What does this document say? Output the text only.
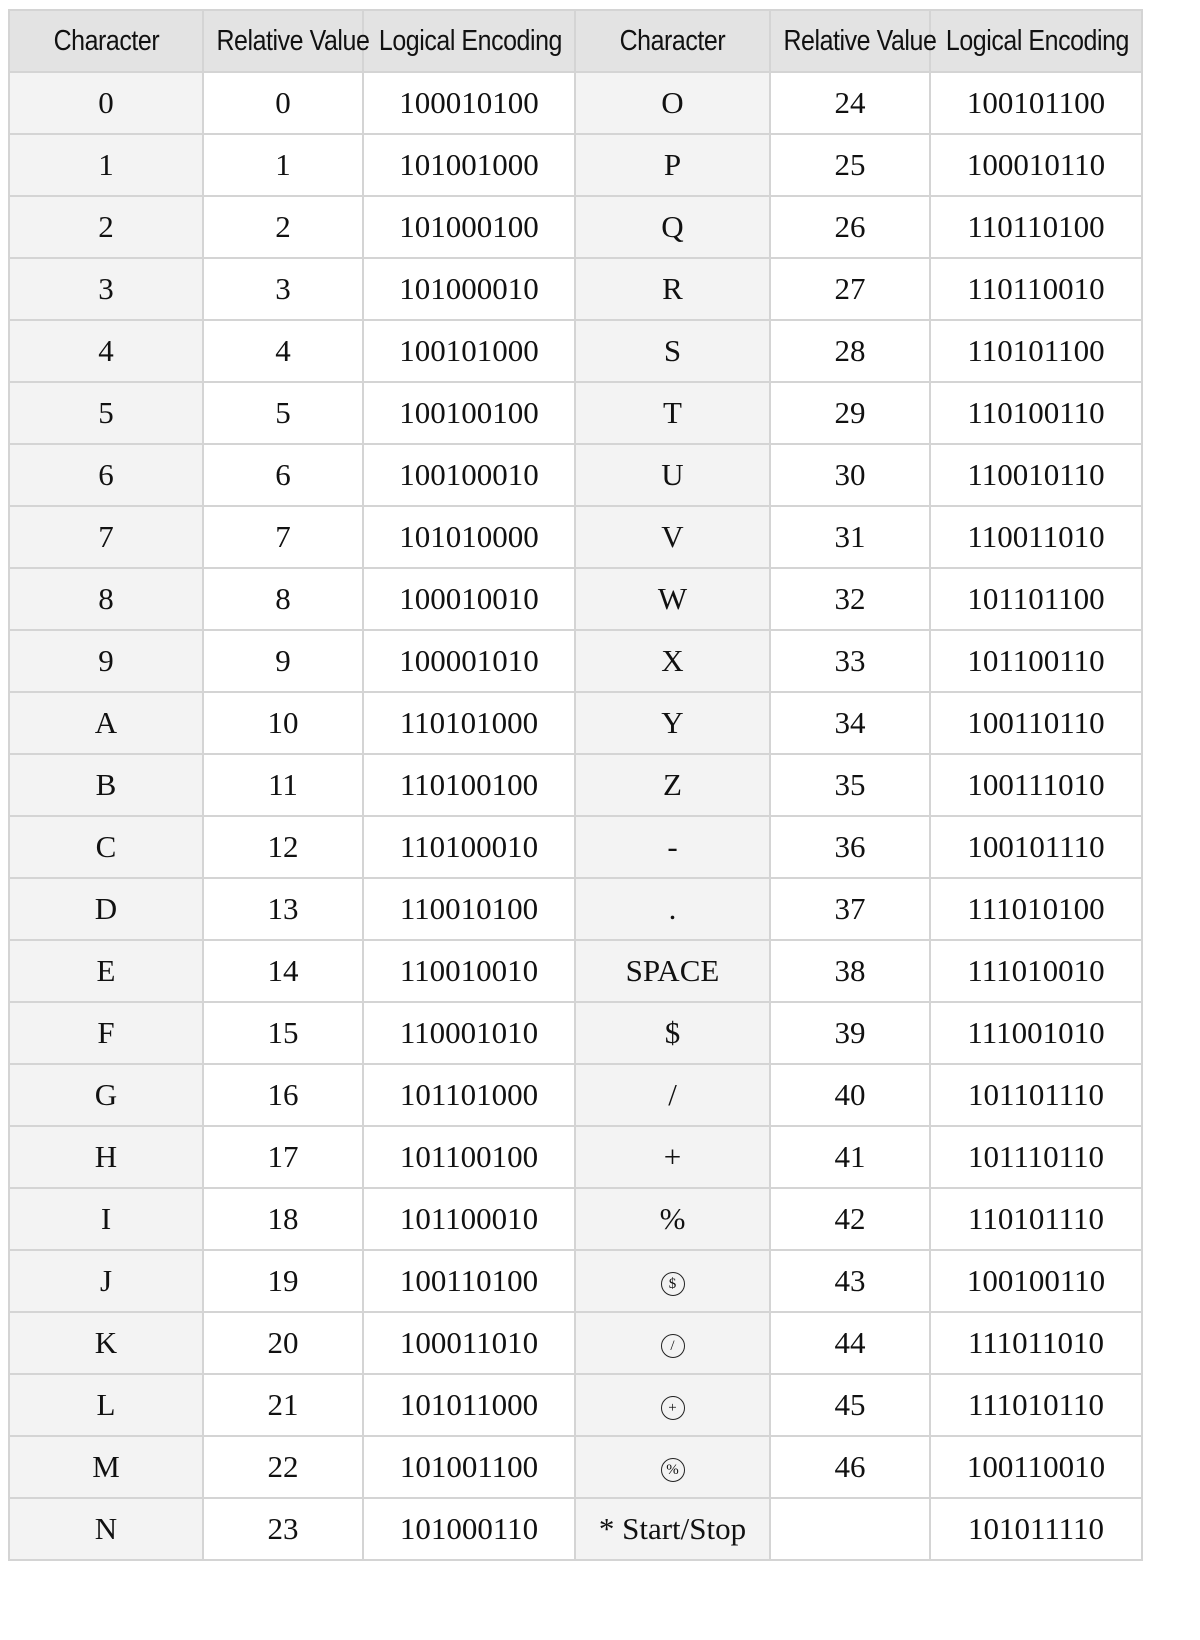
Character	Relative Value	Logical Encoding	Character	Relative Value	Logical Encoding
0	0	100010100	O	24	100101100
1	1	101001000	P	25	100010110
2	2	101000100	Q	26	110110100
3	3	101000010	R	27	110110010
4	4	100101000	S	28	110101100
5	5	100100100	T	29	110100110
6	6	100100010	U	30	110010110
7	7	101010000	V	31	110011010
8	8	100010010	W	32	101101100
9	9	100001010	X	33	101100110
A	10	110101000	Y	34	100110110
B	11	110100100	Z	35	100111010
C	12	110100010	-	36	100101110
D	13	110010100	.	37	111010100
E	14	110010010	SPACE	38	111010010
F	15	110001010	$	39	111001010
G	16	101101000	/	40	101101110
H	17	101100100	+	41	101110110
I	18	101100010	%	42	110101110
J	19	100110100	$	43	100100110
K	20	100011010	/	44	111011010
L	21	101011000	+	45	111010110
M	22	101001100	%	46	100110010
N	23	101000110	* Start/Stop		101011110
